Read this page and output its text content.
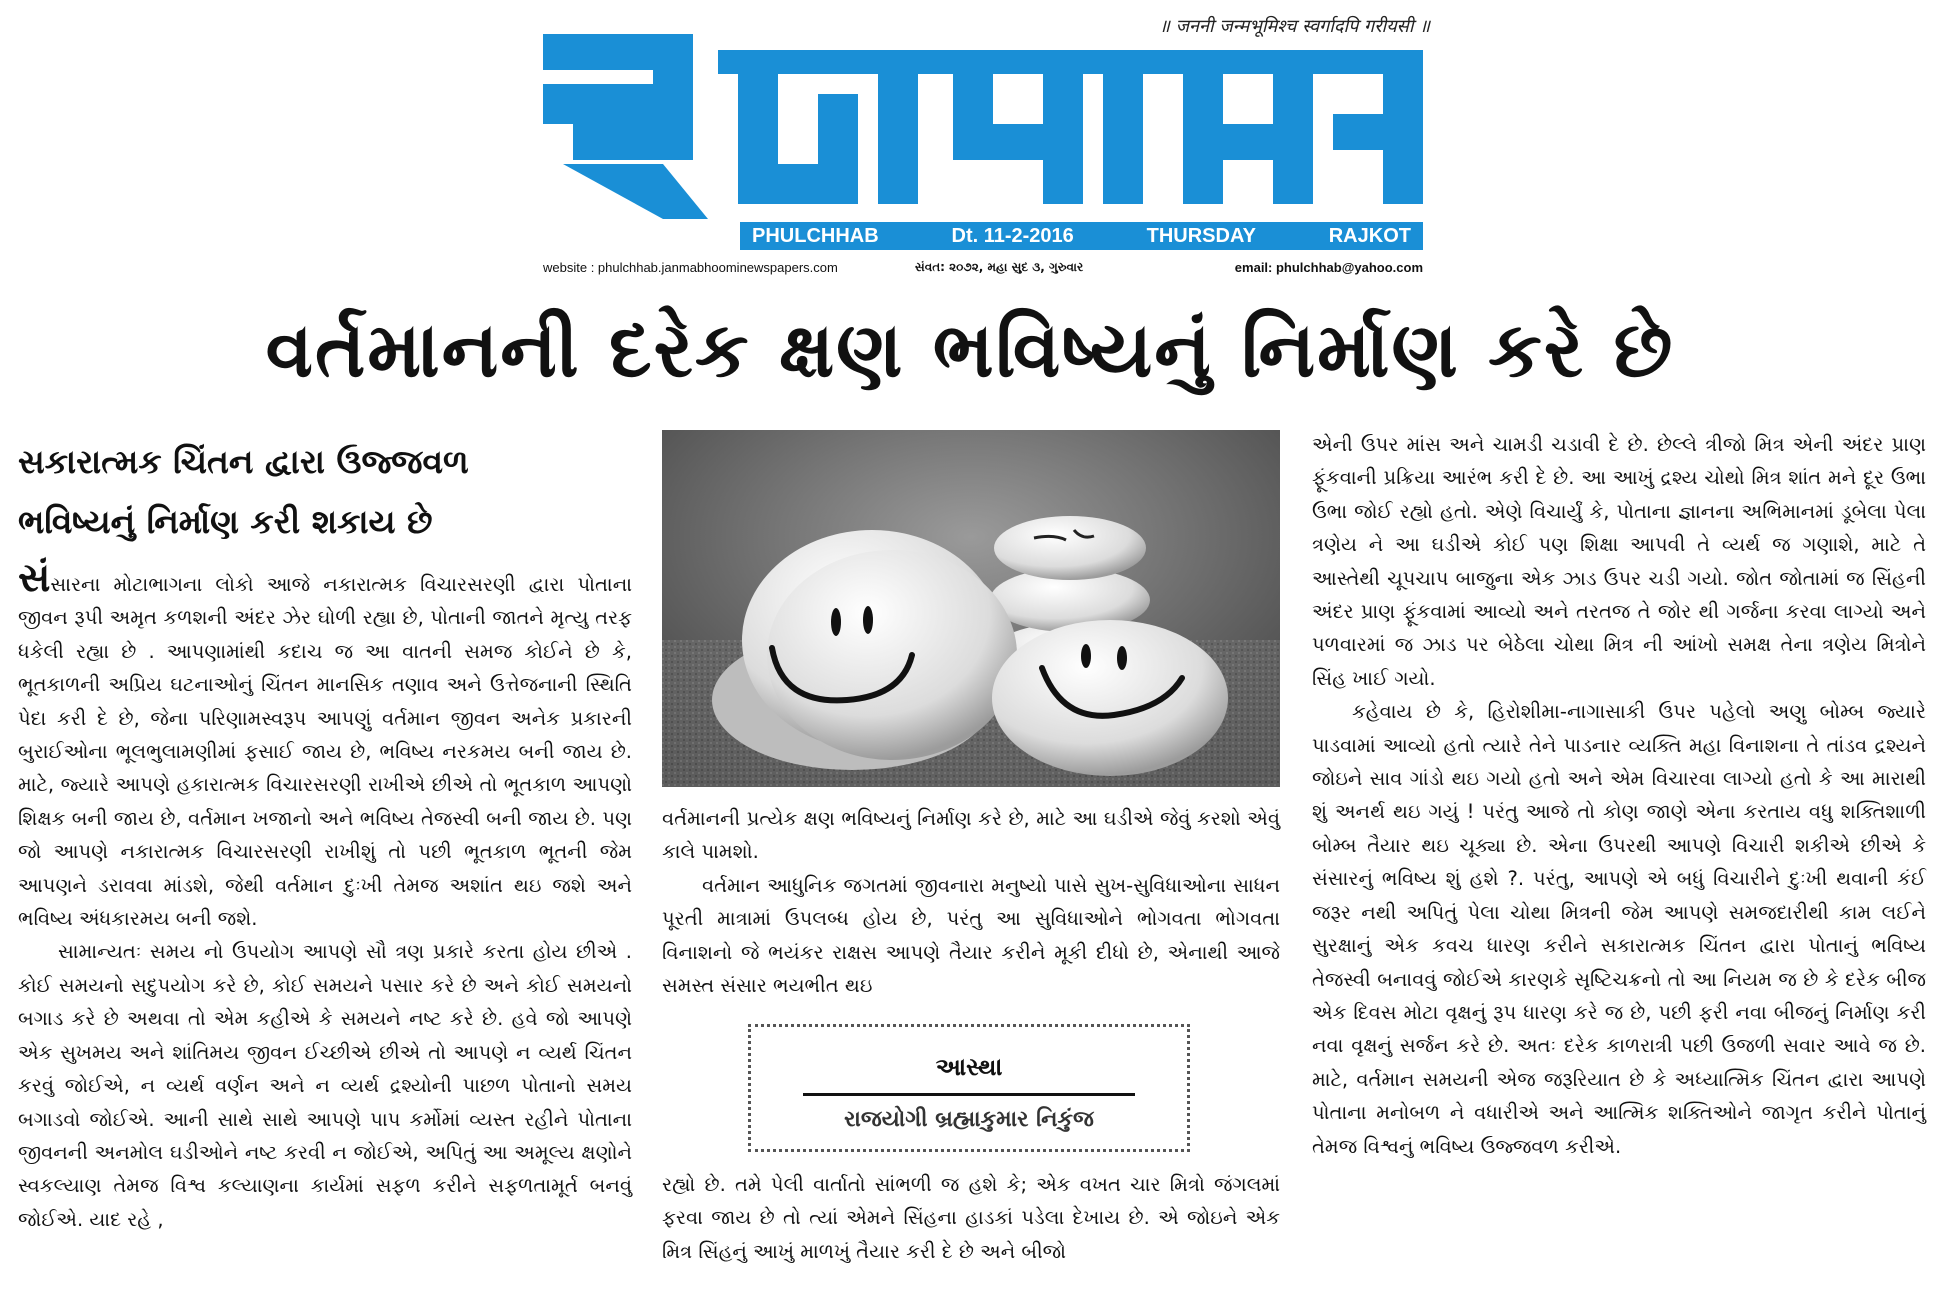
॥ जननी जन्मभूमिश्च स्वर्गादपि गरीयसी ॥
ફૂલછાબ
PHULCHHAB	Dt. 11-2-2016	THURSDAY	RAJKOT
website : phulchhab.janmabhoominewspapers.com	સંવત: ૨૦૭૨, મહા સુદ ૩, ગુરુવાર	email: phulchhab@yahoo.com
વર્તમાનની દરેક ક્ષણ ભવિષ્યનું નિર્માણ કરે છે
સકારાત્મક ચિંતન દ્વારા ઉજ્જવળ
ભવિષ્યનું નિર્માણ કરી શકાય છે

સંસારના મોટાભાગના લોકો આજે નકારાત્મક વિચારસરણી દ્વારા પોતાના જીવન રૂપી અમૃત કળશની અંદર ઝેર ઘોળી રહ્યા છે, પોતાની જાતને મૃત્યુ તરફ ધકેલી રહ્યા છે . આપણામાંથી કદાચ જ આ વાતની સમજ કોઈને છે કે, ભૂતકાળની અપ્રિય ઘટનાઓનું ચિંતન માનસિક તણાવ અને ઉત્તેજનાની સ્થિતિ પેદા કરી દે છે, જેના પરિણામસ્વરૂપ આપણું વર્તમાન જીવન અનેક પ્રકારની બુરાઈઓના ભૂલભુલામણીમાં ફસાઈ જાય છે, ભવિષ્ય નરકમય બની જાય છે. માટે, જ્યારે આપણે હકારાત્મક વિચારસરણી રાખીએ છીએ તો ભૂતકાળ આપણો શિક્ષક બની જાય છે, વર્તમાન ખજાનો અને ભવિષ્ય તેજસ્વી બની જાય છે. પણ જો આપણે નકારાત્મક વિચારસરણી રાખીશું તો પછી ભૂતકાળ ભૂતની જેમ આપણને ડરાવવા માંડશે, જેથી વર્તમાન દુઃખી તેમજ અશાંત થઇ જશે અને ભવિષ્ય અંધકારમય બની જશે.

સામાન્યતઃ સમય નો ઉપયોગ આપણે સૌ ત્રણ પ્રકારે કરતા હોય છીએ . કોઈ સમયનો સદુપયોગ કરે છે, કોઈ સમયને પસાર કરે છે અને કોઈ સમયનો બગાડ કરે છે અથવા તો એમ કહીએ કે સમયને નષ્ટ કરે છે. હવે જો આપણે એક સુખમય અને શાંતિમય જીવન ઈચ્છીએ છીએ તો આપણે ન વ્યર્થ ચિંતન કરવું જોઈએ, ન વ્યર્થ વર્ણન અને ન વ્યર્થ દ્રશ્યોની પાછળ પોતાનો સમય બગાડવો જોઈએ. આની સાથે સાથે આપણે પાપ કર્મોમાં વ્યસ્ત રહીને પોતાના જીવનની અનમોલ ઘડીઓને નષ્ટ કરવી ન જોઈએ, અપિતું આ અમૂલ્ય ક્ષણોને સ્વકલ્યાણ તેમજ વિશ્વ કલ્યાણના કાર્યમાં સફળ કરીને સફળતામૂર્ત બનવું જોઈએ. યાદ રહે ,

વર્તમાનની પ્રત્યેક ક્ષણ ભવિષ્યનું નિર્માણ કરે છે, માટે આ ઘડીએ જેવું કરશો એવું કાલે પામશો.

વર્તમાન આધુનિક જગતમાં જીવનારા મનુષ્યો પાસે સુખ-સુવિધાઓના સાધન પૂરતી માત્રામાં ઉપલબ્ધ હોય છે, પરંતુ આ સુવિધાઓને ભોગવતા ભોગવતા વિનાશનો જે ભયંકર રાક્ષસ આપણે તૈયાર કરીને મૂકી દીધો છે, એનાથી આજે સમસ્ત સંસાર ભયભીત થઇ

આસ્થા
રાજયોગી બ્રહ્માકુમાર નિકુંજ

રહ્યો છે. તમે પેલી વાર્તાતો સાંભળી જ હશે કે; એક વખત ચાર મિત્રો જંગલમાં ફરવા જાય છે તો ત્યાં એમને સિંહના હાડકાં પડેલા દેખાય છે. એ જોઇને એક મિત્ર સિંહનું આખું માળખું તૈયાર કરી દે છે અને બીજો

એની ઉપર માંસ અને ચામડી ચડાવી દે છે. છેલ્લે ત્રીજો મિત્ર એની અંદર પ્રાણ ફૂંકવાની પ્રક્રિયા આરંભ કરી દે છે. આ આખું દ્રશ્ય ચોથો મિત્ર શાંત મને દૂર ઉભા ઉભા જોઈ રહ્યો હતો. એણે વિચાર્યું કે, પોતાના જ્ઞાનના અભિમાનમાં ડૂબેલા પેલા ત્રણેય ને આ ઘડીએ કોઈ પણ શિક્ષા આપવી તે વ્યર્થ જ ગણાશે, માટે તે આસ્તેથી ચૂપચાપ બાજુના એક ઝાડ ઉપર ચડી ગયો. જોત જોતામાં જ સિંહની અંદર પ્રાણ ફૂંકવામાં આવ્યો અને તરતજ તે જોર થી ગર્જના કરવા લાગ્યો અને પળવારમાં જ ઝાડ પર બેઠેલા ચોથા મિત્ર ની આંખો સમક્ષ તેના ત્રણેય મિત્રોને સિંહ ખાઈ ગયો.

કહેવાય છે કે, હિરોશીમા-નાગાસાકી ઉપર પહેલો અણુ બોમ્બ જ્યારે પાડવામાં આવ્યો હતો ત્યારે તેને પાડનાર વ્યક્તિ મહા વિનાશના તે તાંડવ દ્રશ્યને જોઇને સાવ ગાંડો થઇ ગયો હતો અને એમ વિચારવા લાગ્યો હતો કે આ મારાથી શું અનર્થ થઇ ગયું ! પરંતુ આજે તો કોણ જાણે એના કરતાય વધુ શક્તિશાળી બોમ્બ તૈયાર થઇ ચૂક્યા છે. એના ઉપરથી આપણે વિચારી શકીએ છીએ કે સંસારનું ભવિષ્ય શું હશે ?. પરંતુ, આપણે એ બધું વિચારીને દુઃખી થવાની કંઈ જરૂર નથી અપિતું પેલા ચોથા મિત્રની જેમ આપણે સમજદારીથી કામ લઈને સુરક્ષાનું એક કવચ ધારણ કરીને સકારાત્મક ચિંતન દ્વારા પોતાનું ભવિષ્ય તેજસ્વી બનાવવું જોઈએ કારણકે સૃષ્ટિચક્રનો તો આ નિયમ જ છે કે દરેક બીજ એક દિવસ મોટા વૃક્ષનું રૂપ ધારણ કરે જ છે, પછી ફરી નવા બીજનું નિર્માણ કરી નવા વૃક્ષનું સર્જન કરે છે. અતઃ દરેક કાળરાત્રી પછી ઉજળી સવાર આવે જ છે. માટે, વર્તમાન સમયની એજ જરૂરિયાત છે કે અધ્યાત્મિક ચિંતન દ્વારા આપણે પોતાના મનોબળ ને વધારીએ અને આત્મિક શક્તિઓને જાગૃત કરીને પોતાનું તેમજ વિશ્વનું ભવિષ્ય ઉજ્જવળ કરીએ.
